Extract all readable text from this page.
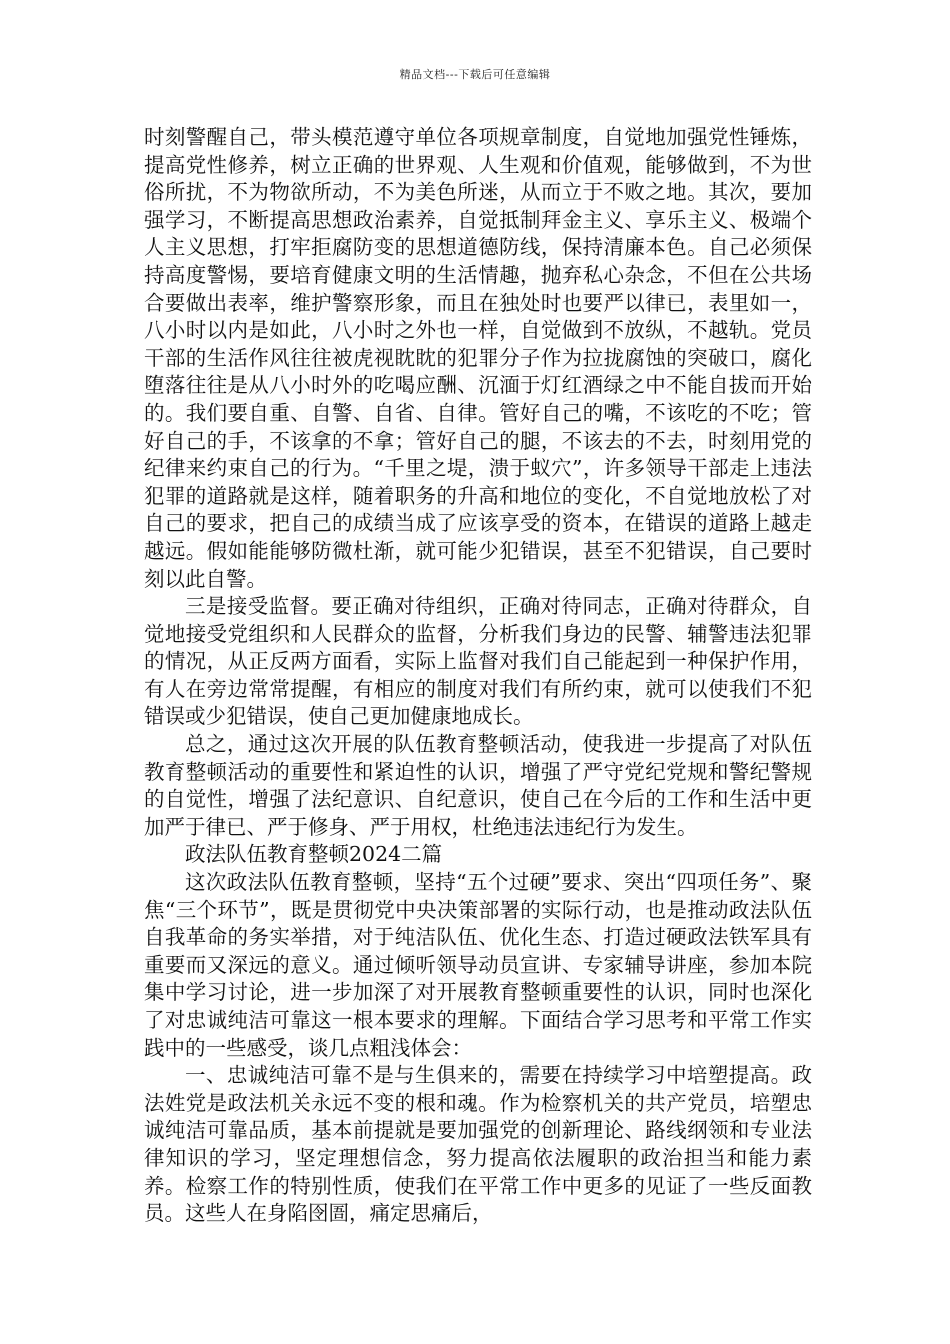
精品文档---下载后可任意编辑

时刻警醒自己，带头模范遵守单位各项规章制度，自觉地加强党性锤炼，提高党性修养，树立正确的世界观、人生观和价值观，能够做到，不为世俗所扰，不为物欲所动，不为美色所迷，从而立于不败之地。其次，要加强学习，不断提高思想政治素养，自觉抵制拜金主义、享乐主义、极端个人主义思想，打牢拒腐防变的思想道德防线，保持清廉本色。自己必须保持高度警惕，要培育健康文明的生活情趣，抛弃私心杂念，不但在公共场合要做出表率，维护警察形象，而且在独处时也要严以律已，表里如一，八小时以内是如此，八小时之外也一样，自觉做到不放纵，不越轨。党员干部的生活作风往往被虎视眈眈的犯罪分子作为拉拢腐蚀的突破口，腐化堕落往往是从八小时外的吃喝应酬、沉湎于灯红酒绿之中不能自拔而开始的。我们要自重、自警、自省、自律。管好自己的嘴，不该吃的不吃；管好自己的手，不该拿的不拿；管好自己的腿，不该去的不去，时刻用党的纪律来约束自己的行为。“千里之堤，溃于蚁穴”，许多领导干部走上违法犯罪的道路就是这样，随着职务的升高和地位的变化，不自觉地放松了对自己的要求，把自己的成绩当成了应该享受的资本，在错误的道路上越走越远。假如能能够防微杜渐，就可能少犯错误，甚至不犯错误，自己要时刻以此自警。

三是接受监督。要正确对待组织，正确对待同志，正确对待群众，自觉地接受党组织和人民群众的监督，分析我们身边的民警、辅警违法犯罪的情况，从正反两方面看，实际上监督对我们自己能起到一种保护作用，有人在旁边常常提醒，有相应的制度对我们有所约束，就可以使我们不犯错误或少犯错误，使自己更加健康地成长。

总之，通过这次开展的队伍教育整顿活动，使我进一步提高了对队伍教育整顿活动的重要性和紧迫性的认识，增强了严守党纪党规和警纪警规的自觉性，增强了法纪意识、自纪意识，使自己在今后的工作和生活中更加严于律已、严于修身、严于用权，杜绝违法违纪行为发生。

政法队伍教育整顿2024二篇

这次政法队伍教育整顿，坚持“五个过硬”要求、突出“四项任务”、聚焦“三个环节”，既是贯彻党中央决策部署的实际行动，也是推动政法队伍自我革命的务实举措，对于纯洁队伍、优化生态、打造过硬政法铁军具有重要而又深远的意义。通过倾听领导动员宣讲、专家辅导讲座，参加本院集中学习讨论，进一步加深了对开展教育整顿重要性的认识，同时也深化了对忠诚纯洁可靠这一根本要求的理解。下面结合学习思考和平常工作实践中的一些感受，谈几点粗浅体会：

一、忠诚纯洁可靠不是与生俱来的，需要在持续学习中培塑提高。政法姓党是政法机关永远不变的根和魂。作为检察机关的共产党员，培塑忠诚纯洁可靠品质，基本前提就是要加强党的创新理论、路线纲领和专业法律知识的学习，坚定理想信念，努力提高依法履职的政治担当和能力素养。检察工作的特别性质，使我们在平常工作中更多的见证了一些反面教员。这些人在身陷囹圄，痛定思痛后，
